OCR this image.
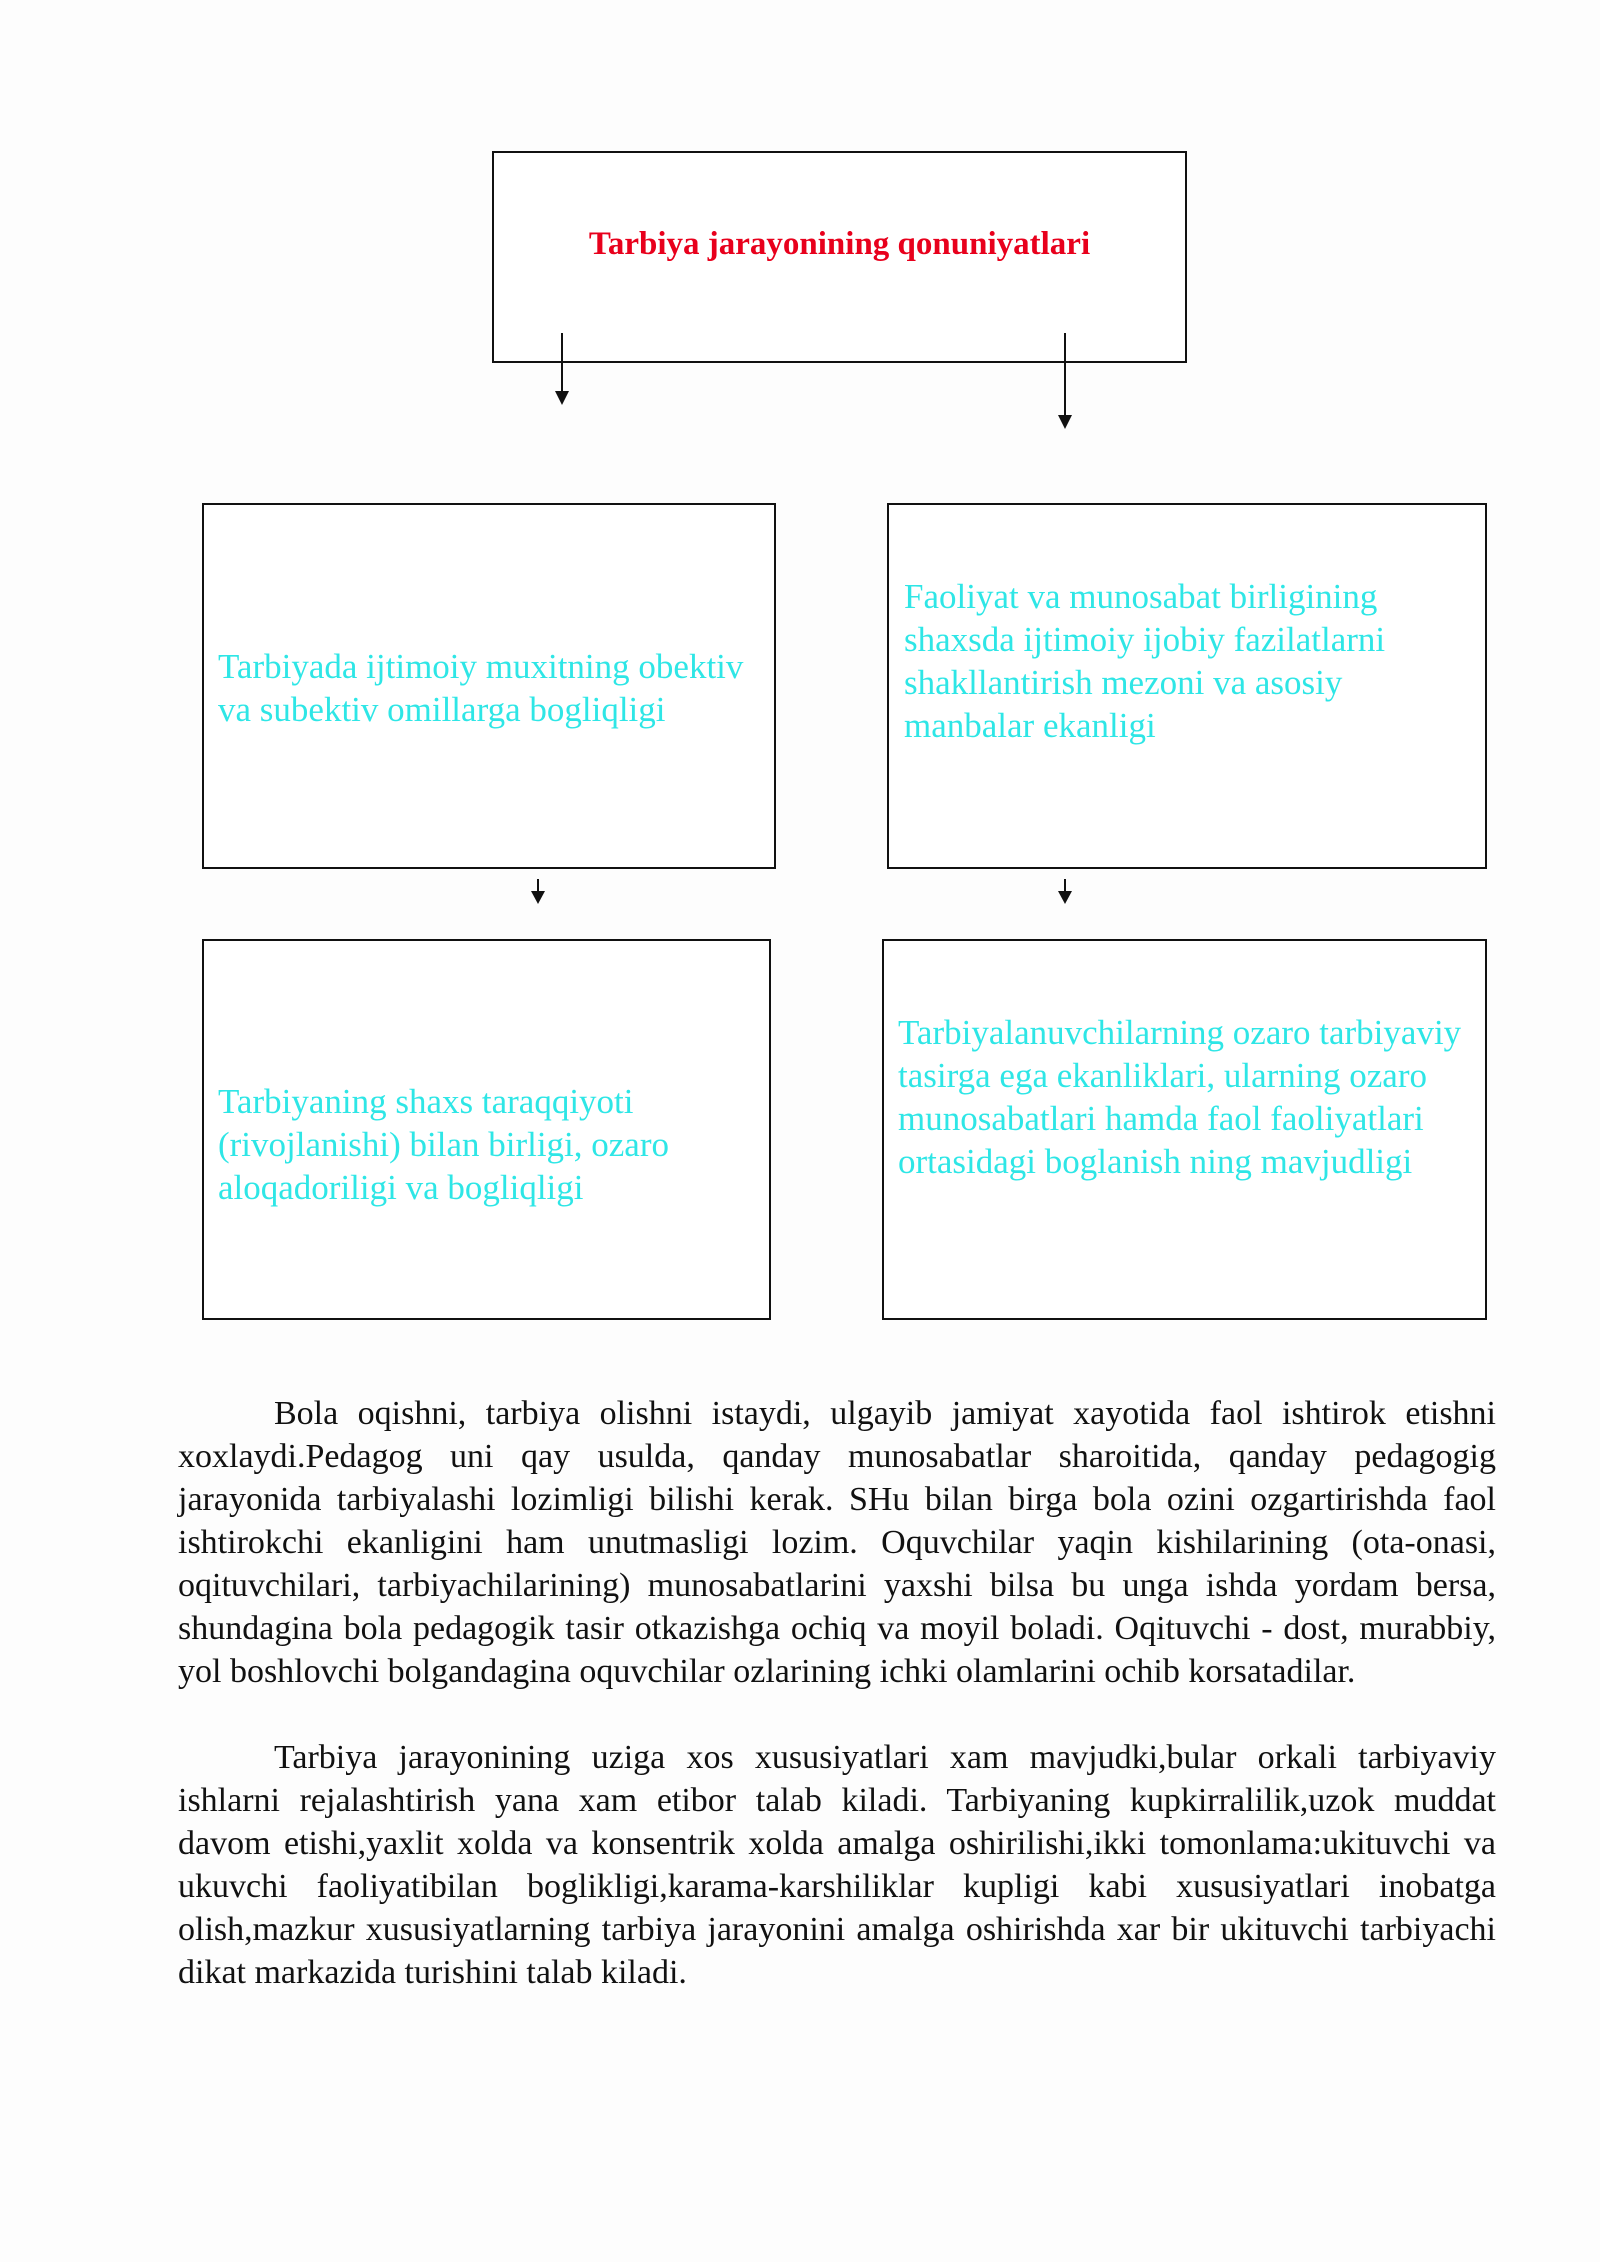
Tarbiya jarayonining qonuniyatlari
Tarbiyada ijtimoiy muxitning obektiv va subektiv omillarga bogliqligi
Faoliyat va munosabat birligining shaxsda ijtimoiy ijobiy fazilatlarni shakllantirish mezoni va asosiy manbalar ekanligi
Tarbiyaning shaxs taraqqiyoti (rivojlanishi) bilan birligi, ozaro aloqadoriligi va bogliqligi
Tarbiyalanuvchilarning ozaro tarbiyaviy tasirga ega ekanliklari, ularning ozaro munosabatlari hamda faol faoliyatlari ortasidagi boglanish ning mavjudligi

Bola oqishni, tarbiya olishni istaydi, ulgayib jamiyat xayotida faol ishtirok etishni xoxlaydi.Pedagog uni qay usulda, qanday munosabatlar sharoitida, qanday pedagogig jarayonida tarbiyalashi lozimligi bilishi kerak. SHu bilan birga bola ozini ozgartirishda faol ishtirokchi ekanligini ham unutmasligi lozim. Oquvchilar yaqin kishilarining (ota-onasi, oqituvchilari, tarbiyachilarining) munosabatlarini yaxshi bilsa bu unga ishda yordam bersa, shundagina bola pedagogik tasir otkazishga ochiq va moyil boladi. Oqituvchi - dost, murabbiy, yol boshlovchi bolgandagina oquvchilar ozlarining ichki olamlarini ochib korsatadilar.

Tarbiya jarayonining uziga xos xususiyatlari xam mavjudki,bular orkali tarbiyaviy ishlarni rejalashtirish yana xam etibor talab kiladi. Tarbiyaning kupkirralilik,uzok muddat davom etishi,yaxlit xolda va konsentrik xolda amalga oshirilishi,ikki tomonlama:ukituvchi va ukuvchi faoliyatibilan boglikligi,karama-karshiliklar kupligi kabi xususiyatlari inobatga olish,mazkur xususiyatlarning tarbiya jarayonini amalga oshirishda xar bir ukituvchi tarbiyachi dikat markazida turishini talab kiladi.
